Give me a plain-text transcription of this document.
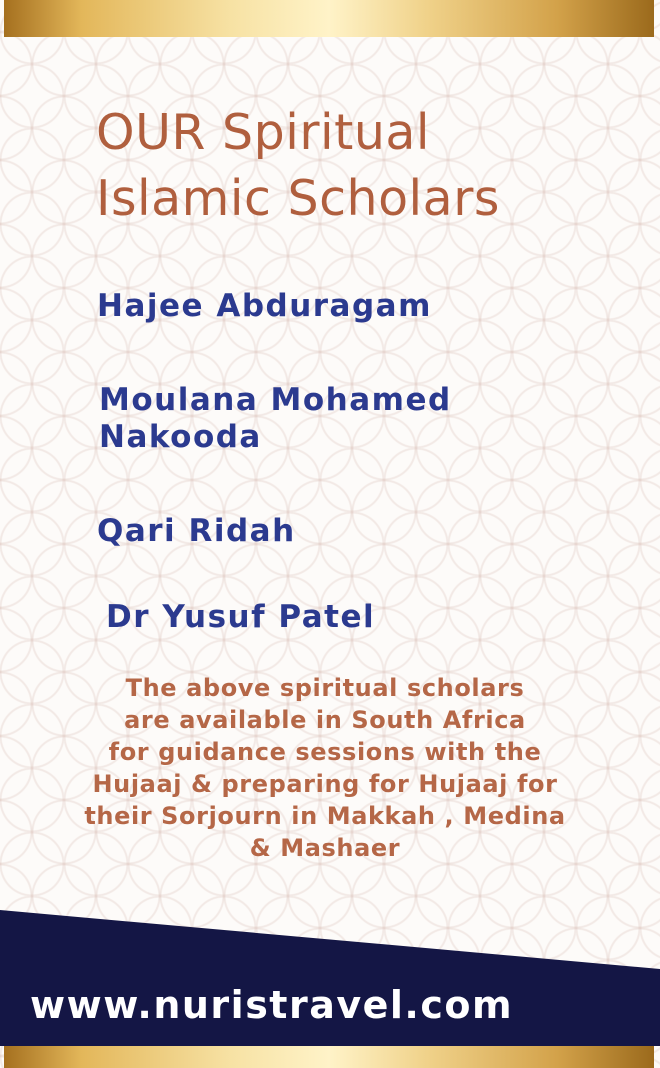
OUR Spiritual
Islamic Scholars
Hajee Abduragam
Moulana Mohamed
Nakooda
Qari Ridah
Dr Yusuf Patel

The above spiritual scholars
are available in South Africa
for guidance sessions with the
Hujaaj & preparing for Hujaaj for
their Sorjourn in Makkah , Medina
& Mashaer

www.nuristravel.com
